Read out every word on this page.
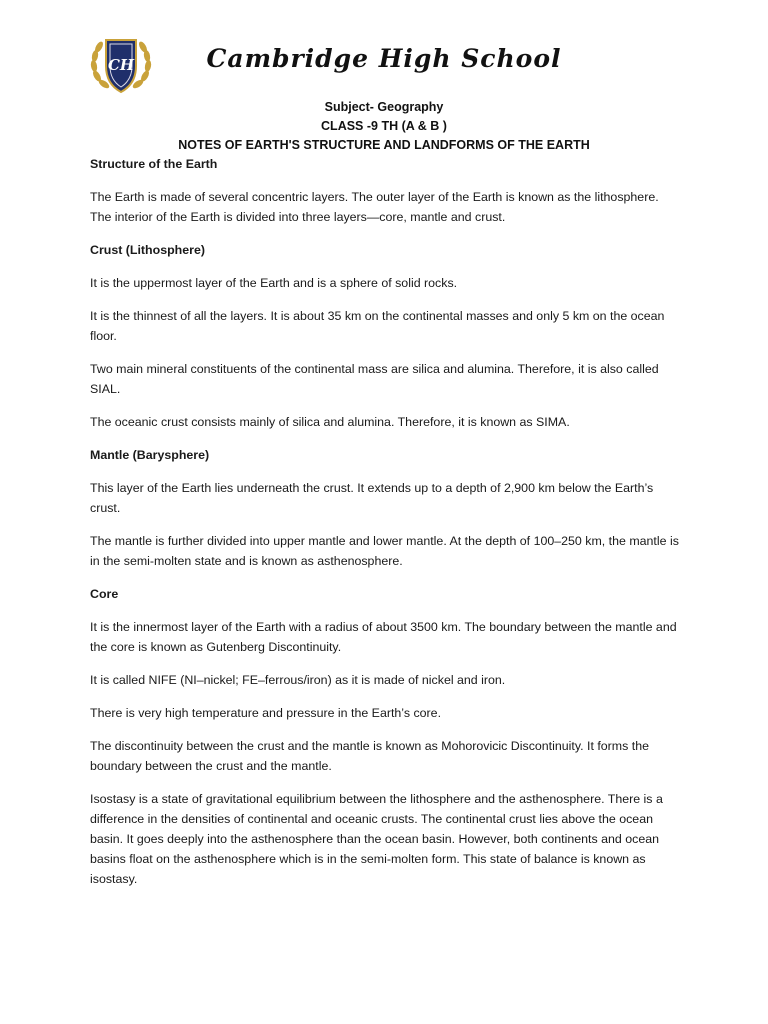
CH	Cambridge High School
Subject- Geography
CLASS -9 TH (A & B )
NOTES OF EARTH'S STRUCTURE AND LANDFORMS OF THE EARTH
Structure of the Earth

The Earth is made of several concentric layers. The outer layer of the Earth is known as the lithosphere. The interior of the Earth is divided into three layers—core, mantle and crust.

Crust (Lithosphere)

It is the uppermost layer of the Earth and is a sphere of solid rocks.

It is the thinnest of all the layers. It is about 35 km on the continental masses and only 5 km on the ocean floor.

Two main mineral constituents of the continental mass are silica and alumina. Therefore, it is also called SIAL.

The oceanic crust consists mainly of silica and alumina. Therefore, it is known as SIMA.

Mantle (Barysphere)

This layer of the Earth lies underneath the crust. It extends up to a depth of 2,900 km below the Earth’s crust.

The mantle is further divided into upper mantle and lower mantle. At the depth of 100–250 km, the mantle is in the semi-molten state and is known as asthenosphere.

Core

It is the innermost layer of the Earth with a radius of about 3500 km. The boundary between the mantle and the core is known as Gutenberg Discontinuity.

It is called NIFE (NI–nickel; FE–ferrous/iron) as it is made of nickel and iron.

There is very high temperature and pressure in the Earth’s core.

The discontinuity between the crust and the mantle is known as Mohorovicic Discontinuity. It forms the boundary between the crust and the mantle.

Isostasy is a state of gravitational equilibrium between the lithosphere and the asthenosphere. There is a difference in the densities of continental and oceanic crusts. The continental crust lies above the ocean basin. It goes deeply into the asthenosphere than the ocean basin. However, both continents and ocean basins float on the asthenosphere which is in the semi-molten form. This state of balance is known as isostasy.
